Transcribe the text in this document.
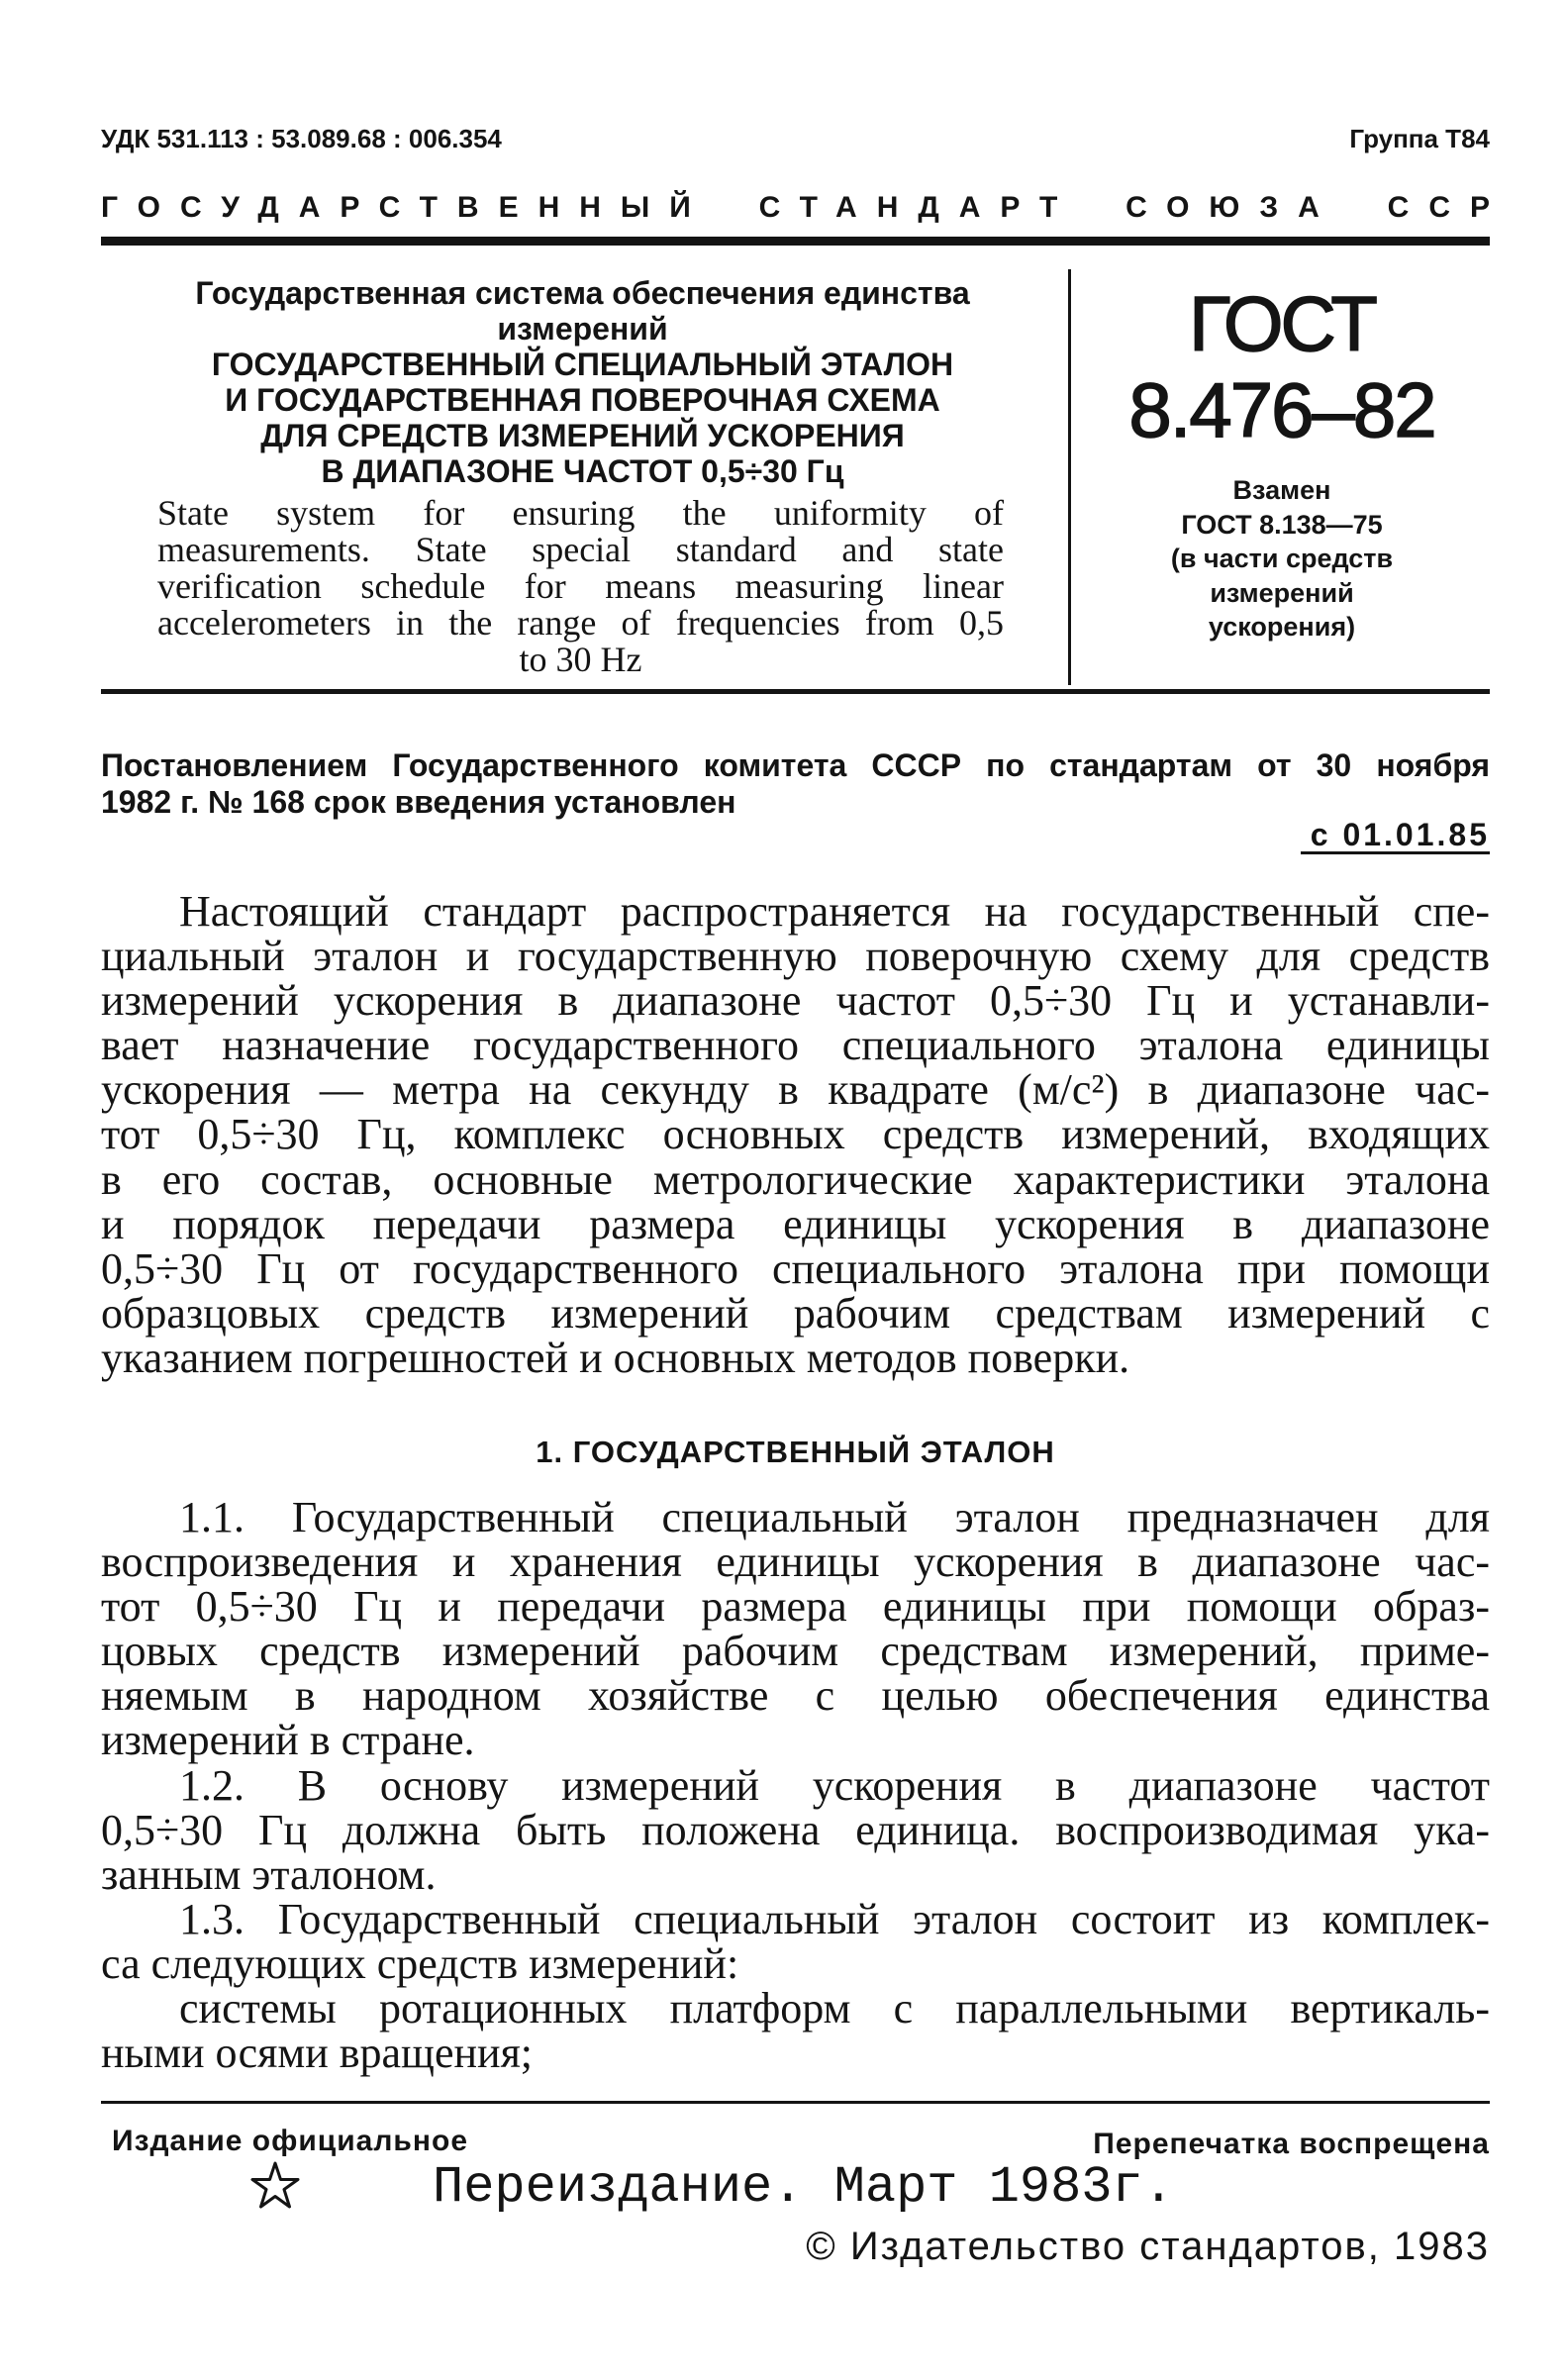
УДК 531.113 : 53.089.68 : 006.354	Группа Т84
ГОСУДАРСТВЕННЫЙ СТАНДАРТ СОЮЗА ССР
Государственная система обеспечения единства
измерений
ГОСУДАРСТВЕННЫЙ СПЕЦИАЛЬНЫЙ ЭТАЛОН
И ГОСУДАРСТВЕННАЯ ПОВЕРОЧНАЯ СХЕМА
ДЛЯ СРЕДСТВ ИЗМЕРЕНИЙ УСКОРЕНИЯ
В ДИАПАЗОНЕ ЧАСТОТ 0,5÷30 Гц
State system for ensuring the uniformity of
measurements. State special standard and state
verification schedule for means measuring linear
accelerometers in the range of frequencies from 0,5
to 30 Hz
ГОСТ
8.476–82
Взамен
ГОСТ 8.138—75
(в части средств
измерений
ускорения)
Постановлением Государственного комитета СССР по стандартам от 30 ноября
1982 г. № 168 срок введения установлен
с 01.01.85
Настоящий стандарт распространяется на государственный спе-
циальный эталон и государственную поверочную схему для средств
измерений ускорения в диапазоне частот 0,5÷30 Гц и устанавли-
вает назначение государственного специального эталона единицы
ускорения — метра на секунду в квадрате (м/с²) в диапазоне час-
тот 0,5÷30 Гц, комплекс основных средств измерений, входящих
в его состав, основные метрологические характеристики эталона
и порядок передачи размера единицы ускорения в диапазоне
0,5÷30 Гц от государственного специального эталона при помощи
образцовых средств измерений рабочим средствам измерений с
указанием погрешностей и основных методов поверки.
1. ГОСУДАРСТВЕННЫЙ ЭТАЛОН
1.1. Государственный специальный эталон предназначен для
воспроизведения и хранения единицы ускорения в диапазоне час-
тот 0,5÷30 Гц и передачи размера единицы при помощи образ-
цовых средств измерений рабочим средствам измерений, приме-
няемым в народном хозяйстве с целью обеспечения единства
измерений в стране.
1.2. В основу измерений ускорения в диапазоне частот
0,5÷30 Гц должна быть положена единица. воспроизводимая ука-
занным эталоном.
1.3. Государственный специальный эталон состоит из комплек-
са следующих средств измерений:
системы ротационных платформ с параллельными вертикаль-
ными осями вращения;
Издание официальное	Перепечатка воспрещена
Переиздание. Март 1983г.
© Издательство стандартов, 1983
